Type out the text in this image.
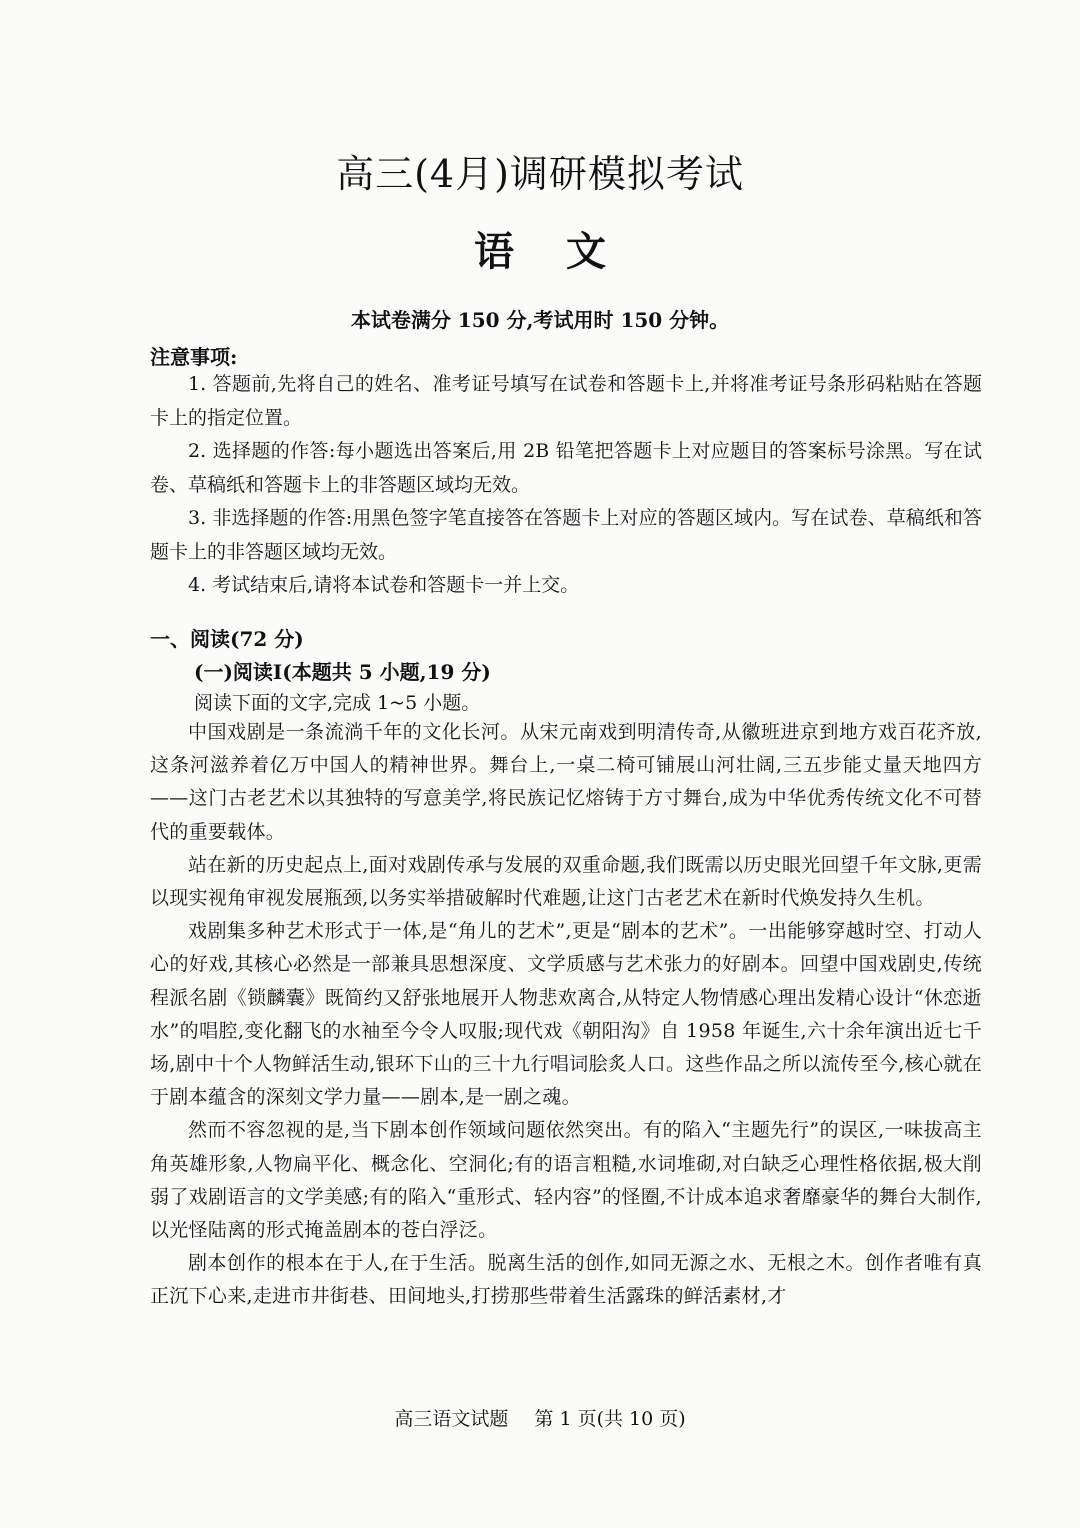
高三(4月)调研模拟考试
语文
本试卷满分 150 分,考试用时 150 分钟。
注意事项:

1. 答题前,先将自己的姓名、准考证号填写在试卷和答题卡上,并将准考证号条形码粘贴在答题卡上的指定位置。

2. 选择题的作答:每小题选出答案后,用 2B 铅笔把答题卡上对应题目的答案标号涂黑。写在试卷、草稿纸和答题卡上的非答题区域均无效。

3. 非选择题的作答:用黑色签字笔直接答在答题卡上对应的答题区域内。写在试卷、草稿纸和答题卡上的非答题区域均无效。

4. 考试结束后,请将本试卷和答题卡一并上交。

一、阅读(72 分)
(一)阅读Ⅰ(本题共 5 小题,19 分)
阅读下面的文字,完成 1~5 小题。

中国戏剧是一条流淌千年的文化长河。从宋元南戏到明清传奇,从徽班进京到地方戏百花齐放,这条河滋养着亿万中国人的精神世界。舞台上,一桌二椅可铺展山河壮阔,三五步能丈量天地四方——这门古老艺术以其独特的写意美学,将民族记忆熔铸于方寸舞台,成为中华优秀传统文化不可替代的重要载体。

站在新的历史起点上,面对戏剧传承与发展的双重命题,我们既需以历史眼光回望千年文脉,更需以现实视角审视发展瓶颈,以务实举措破解时代难题,让这门古老艺术在新时代焕发持久生机。

戏剧集多种艺术形式于一体,是“角儿的艺术”,更是“剧本的艺术”。一出能够穿越时空、打动人心的好戏,其核心必然是一部兼具思想深度、文学质感与艺术张力的好剧本。回望中国戏剧史,传统程派名剧《锁麟囊》既简约又舒张地展开人物悲欢离合,从特定人物情感心理出发精心设计“休恋逝水”的唱腔,变化翻飞的水袖至今令人叹服;现代戏《朝阳沟》自 1958 年诞生,六十余年演出近七千场,剧中十个人物鲜活生动,银环下山的三十九行唱词脍炙人口。这些作品之所以流传至今,核心就在于剧本蕴含的深刻文学力量——剧本,是一剧之魂。

然而不容忽视的是,当下剧本创作领域问题依然突出。有的陷入“主题先行”的误区,一味拔高主角英雄形象,人物扁平化、概念化、空洞化;有的语言粗糙,水词堆砌,对白缺乏心理性格依据,极大削弱了戏剧语言的文学美感;有的陷入“重形式、轻内容”的怪圈,不计成本追求奢靡豪华的舞台大制作,以光怪陆离的形式掩盖剧本的苍白浮泛。

剧本创作的根本在于人,在于生活。脱离生活的创作,如同无源之水、无根之木。创作者唯有真正沉下心来,走进市井街巷、田间地头,打捞那些带着生活露珠的鲜活素材,才

高三语文试题 第 1 页(共 10 页)
